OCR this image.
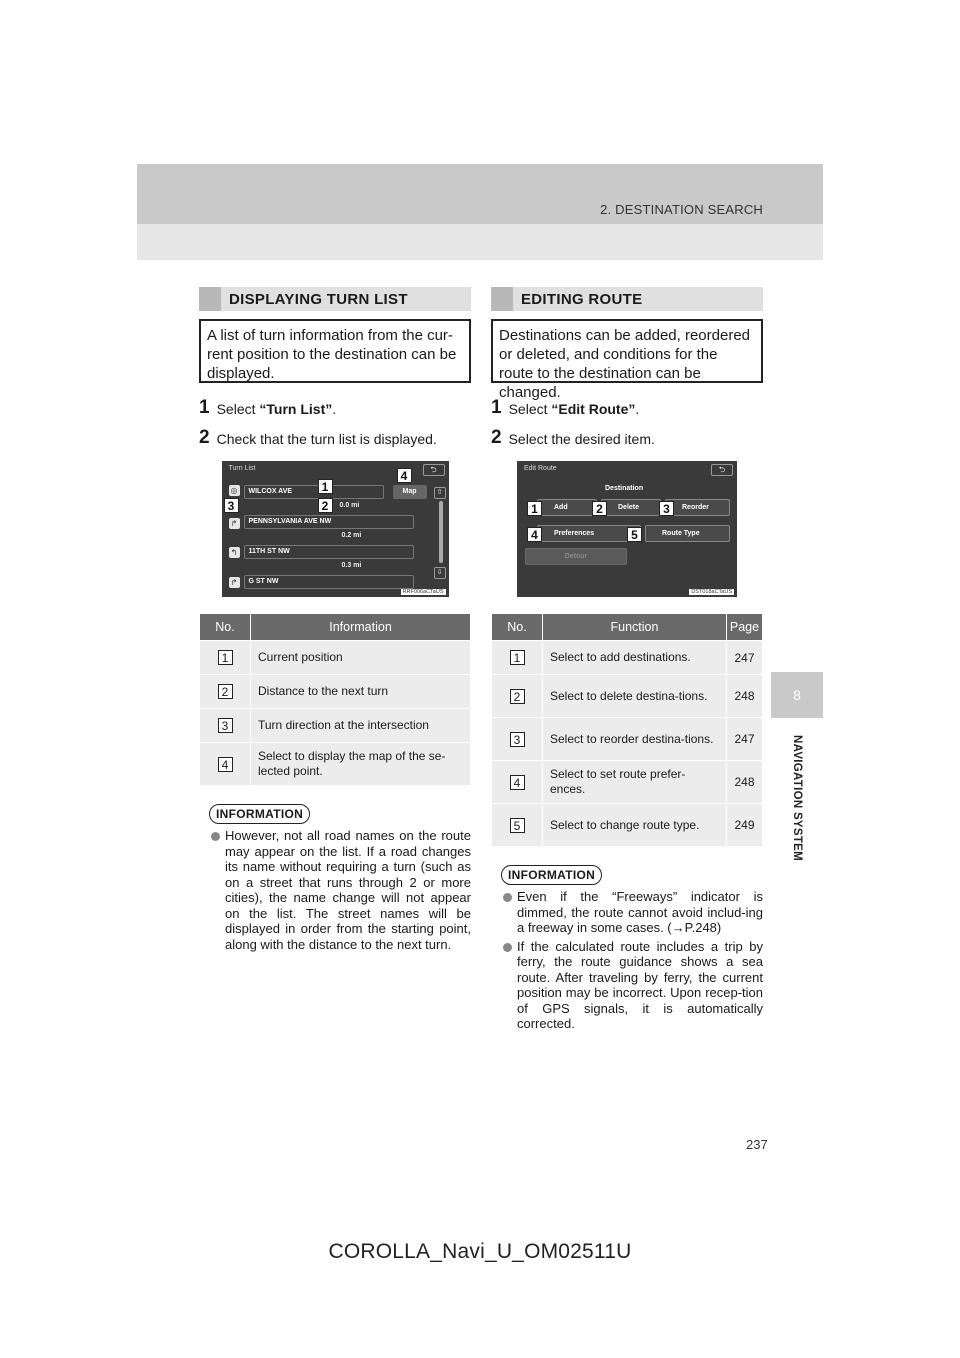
2. DESTINATION SEARCH
8
NAVIGATION SYSTEM
DISPLAYING TURN LIST
A list of turn information from the cur-rent position to the destination can be displayed.
1 Select “Turn List”.
2 Check that the turn list is displayed.
Turn List	⮌
◎	WILCOX AVE
0.0 mi
Map
↱	PENNSYLVANIA AVE NW
0.2 mi
↰	11TH ST NW
0.3 mi
↱	G ST NW
⇧
⇩
RRF006aCTaUS
1
2
3
4
No.	Information
1	Current position
2	Distance to the next turn
3	Turn direction at the intersection
4	Select to display the map of the se-lected point.
INFORMATION
However, not all road names on the route may appear on the list. If a road changes its name without requiring a turn (such as on a street that runs through 2 or more cities), the name change will not appear on the list. The street names will be displayed in order from the starting point, along with the distance to the next turn.
EDITING ROUTE
Destinations can be added, reordered or deleted, and conditions for the route to the destination can be changed.
1 Select “Edit Route”.
2 Select the desired item.
Edit Route	⮌
Destination
Add	Delete	Reorder
Preferences	Route Type
Detour
DST018aCTaUS
1	2	3
4	5
No.	Function	Page
1	Select to add destinations.	247
2	Select to delete destina-tions.	248
3	Select to reorder destina-tions.	247
4	Select to set route prefer-ences.	248
5	Select to change route type.	249
INFORMATION
Even if the “Freeways” indicator is dimmed, the route cannot avoid includ-ing a freeway in some cases. (→P.248)
If the calculated route includes a trip by ferry, the route guidance shows a sea route. After traveling by ferry, the current position may be incorrect. Upon recep-tion of GPS signals, it is automatically corrected.
237
COROLLA_Navi_U_OM02511U
